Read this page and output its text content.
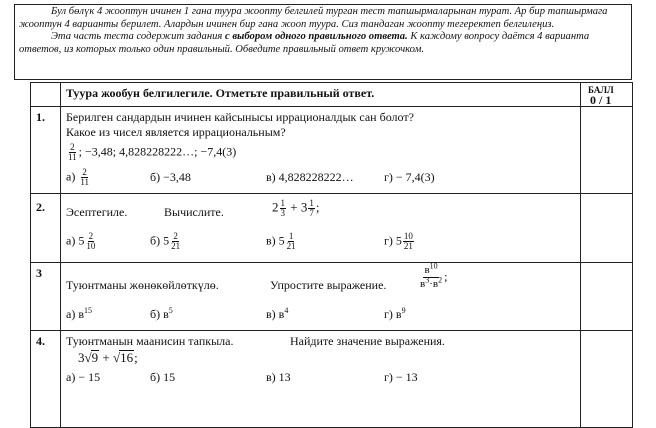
Бул бөлүк 4 жооптун ичинен 1 гана туура жоопту белгилей турган тест тапшырмаларынан турат. Ар бир тапшырмага жооптун 4 варианты берилет. Алардын ичинен бир гана жооп туура. Сиз тандаган жоопту тегеректеп белгилеңиз.

Эта часть теста содержит задания с выбором одного правильного ответа. К каждому вопросу даётся 4 варианта ответов, из которых только один правильный. Обведите правильный ответ кружочком.

Туура жообун белгилегиле. Отметьте правильный ответ.	БАЛЛ
0 / 1
1. Берилген сандардын ичинен кайсынысы иррационалдык сан болот?
Какое из чисел является иррациональным?
$\frac{2}{11}$ ; −3,48; 4,828228222…; −7,4(3)
$а) \frac{2}{11}$	б) −3,48	в) 4,828228222…	г) − 7,4(3)
2. Эсептегиле.	Вычислите.	$2 \frac{1}{3} + 3 \frac{1}{7}$ ;
а) $5 \frac{2}{10}$	б) $5 \frac{2}{21}$	в) $5 \frac{1}{21}$	г) $5 \frac{10}{21}$
3
Туюнтманы жөнөкөйлөткүлө.	Упростите выражение.	$\frac{в^{10}}{в^3\cdot в^2}$ ;
а) $в^{15}$	б) $в^5$	в) $в^4$	г) $в^9$
4. Туюнтманын маанисин тапкыла.	Найдите значение выражения.
3√9 + √16;
а) − 15	б) 15	в) 13	г) − 13
